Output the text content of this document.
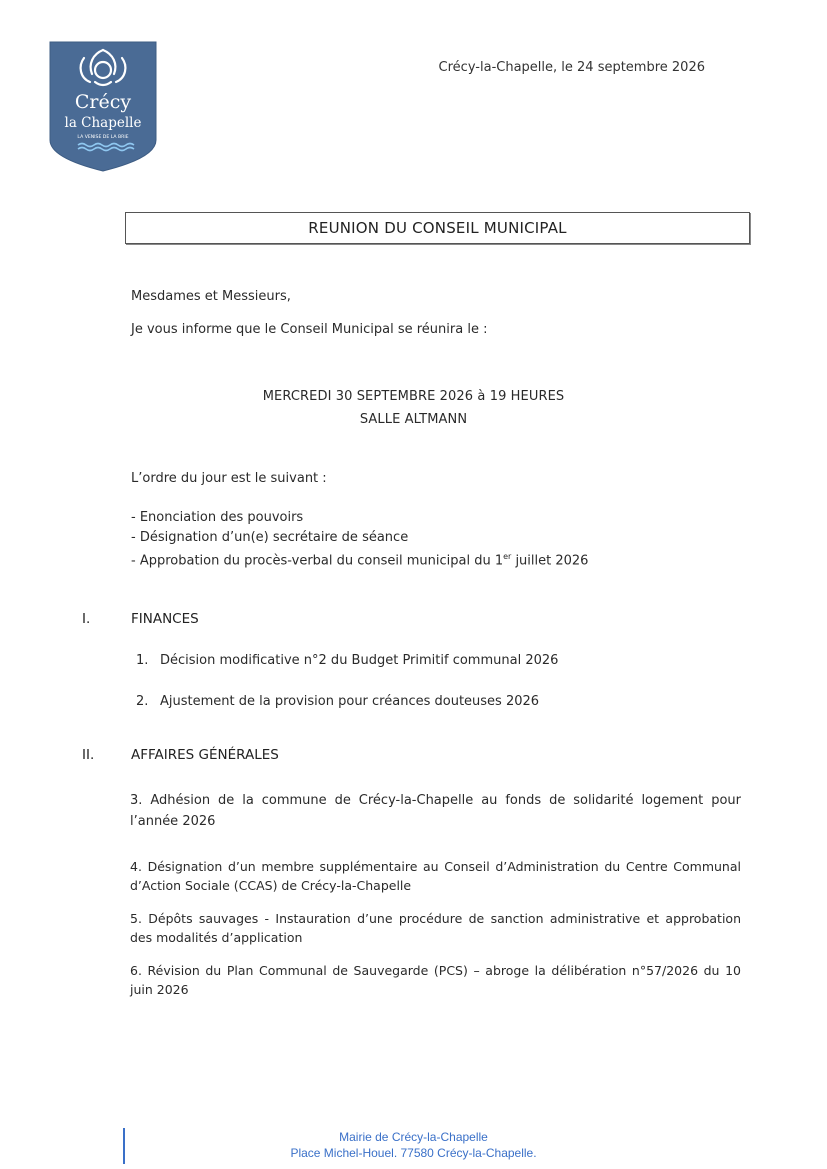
Crécy
la Chapelle
LA VENISE DE LA BRIE
Crécy-la-Chapelle, le 24 septembre 2026
REUNION DU CONSEIL MUNICIPAL
Mesdames et Messieurs,
Je vous informe que le Conseil Municipal se réunira le :
MERCREDI 30 SEPTEMBRE 2026 à 19 HEURES
SALLE ALTMANN
L’ordre du jour est le suivant :
- Enonciation des pouvoirs
- Désignation d’un(e) secrétaire de séance
- Approbation du procès-verbal du conseil municipal du 1er juillet 2026
I.	FINANCES
1. Décision modificative n°2 du Budget Primitif communal 2026
2. Ajustement de la provision pour créances douteuses 2026
II.	AFFAIRES GÉNÉRALES
3. Adhésion de la commune de Crécy-la-Chapelle au fonds de solidarité logement pour l’année 2026
4. Désignation d’un membre supplémentaire au Conseil d’Administration du Centre Communal d’Action Sociale (CCAS) de Crécy-la-Chapelle
5. Dépôts sauvages - Instauration d’une procédure de sanction administrative et approbation des modalités d’application
6. Révision du Plan Communal de Sauvegarde (PCS) – abroge la délibération n°57/2026 du 10 juin 2026
Mairie de Crécy-la-Chapelle
Place Michel-Houel. 77580 Crécy-la-Chapelle.
